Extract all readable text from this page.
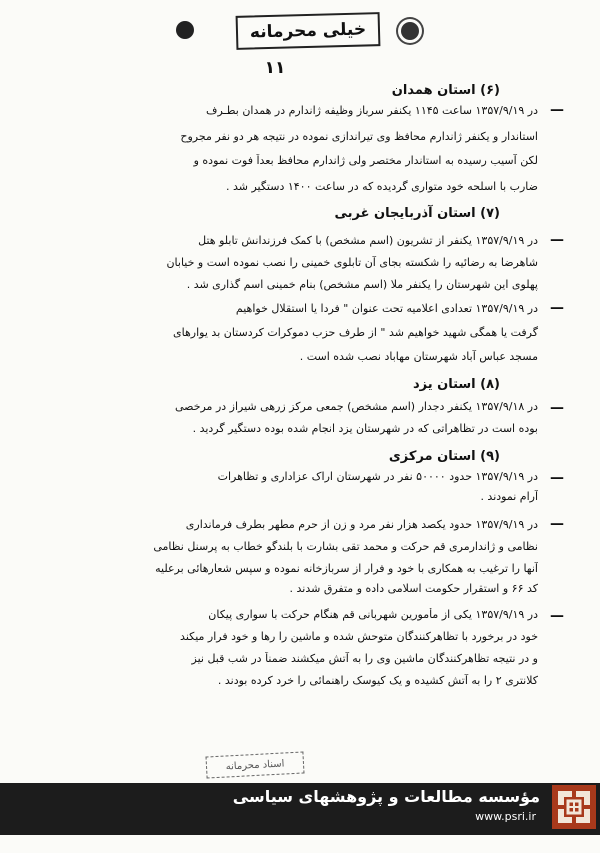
خیلی محرمانه
۱۱
(۶) استان همدان
—
در ۱۳۵۷/۹/۱۹ ساعت ۱۱۴۵ یکنفر سرباز وظیفه ژاندارم در همدان بطـرف
استاندار و یکنفر ژاندارم محافظ وی تیراندازی نموده در نتیجه هر دو نفر مجروح
لکن آسیب رسیده به استاندار مختصر ولی ژاندارم محافظ بعداً فوت نموده و
ضارب با اسلحه خود متواری گردیده که در ساعت ۱۴۰۰ دستگیر شد .
(۷) استان آذربایجان غربی
—
در ۱۳۵۷/۹/۱۹ یکنفر از تشریون (اسم مشخص) با کمک فرزندانش تابلو هتل
شاهرضا به رضائیه را شکسته بجای آن تابلوی خمینی را نصب نموده است و خیابان
پهلوی این شهرستان را یکنفر ملا (اسم مشخص) بنام خمینی اسم گذاری شد .
—
در ۱۳۵۷/۹/۱۹ تعدادی اعلامیه تحت عنوان " فردا یا استقلال خواهیم
گرفت یا همگی شهید خواهیم شد " از طرف حزب دموکرات کردستان بد یوارهای
مسجد عباس آباد شهرستان مهاباد نصب شده است .
(۸) استان یزد
—
در ۱۳۵۷/۹/۱۸ یکنفر دجدار (اسم مشخص) جمعی مرکز زرهی شیراز در مرخصی
بوده است در تظاهراتی که در شهرستان یزد انجام شده بوده دستگیر گردید .
(۹) استان مرکزی
—
در ۱۳۵۷/۹/۱۹ حدود ۵۰۰۰۰ نفر در شهرستان اراک عزاداری و تظاهرات
آرام نمودند .
—
در ۱۳۵۷/۹/۱۹ حدود یکصد هزار نفر مرد و زن از حرم مطهر بطرف فرمانداری
نظامی و ژاندارمری قم حرکت و محمد تقی بشارت با بلندگو خطاب به پرسنل نظامی
آنها را ترغیب به همکاری با خود و فرار از سربازخانه نموده و سپس شعارهائی برعلیه
کد ۶۶ و استقرار حکومت اسلامی داده و متفرق شدند .
—
در ۱۳۵۷/۹/۱۹ یکی از مأمورین شهربانی قم هنگام حرکت با سواری پیکان
خود در برخورد با تظاهرکنندگان متوحش شده و ماشین را رها و خود فرار میکند
و در نتیجه تظاهرکنندگان ماشین وی را به آتش میکشند ضمناً در شب قبل نیز
کلانتری ۲ را به آتش کشیده و یک کیوسک راهنمائی را خرد کرده بودند .
اسناد محرمانه
مؤسسه مطالعات و پژوهشهای سیاسی
www.psri.ir
